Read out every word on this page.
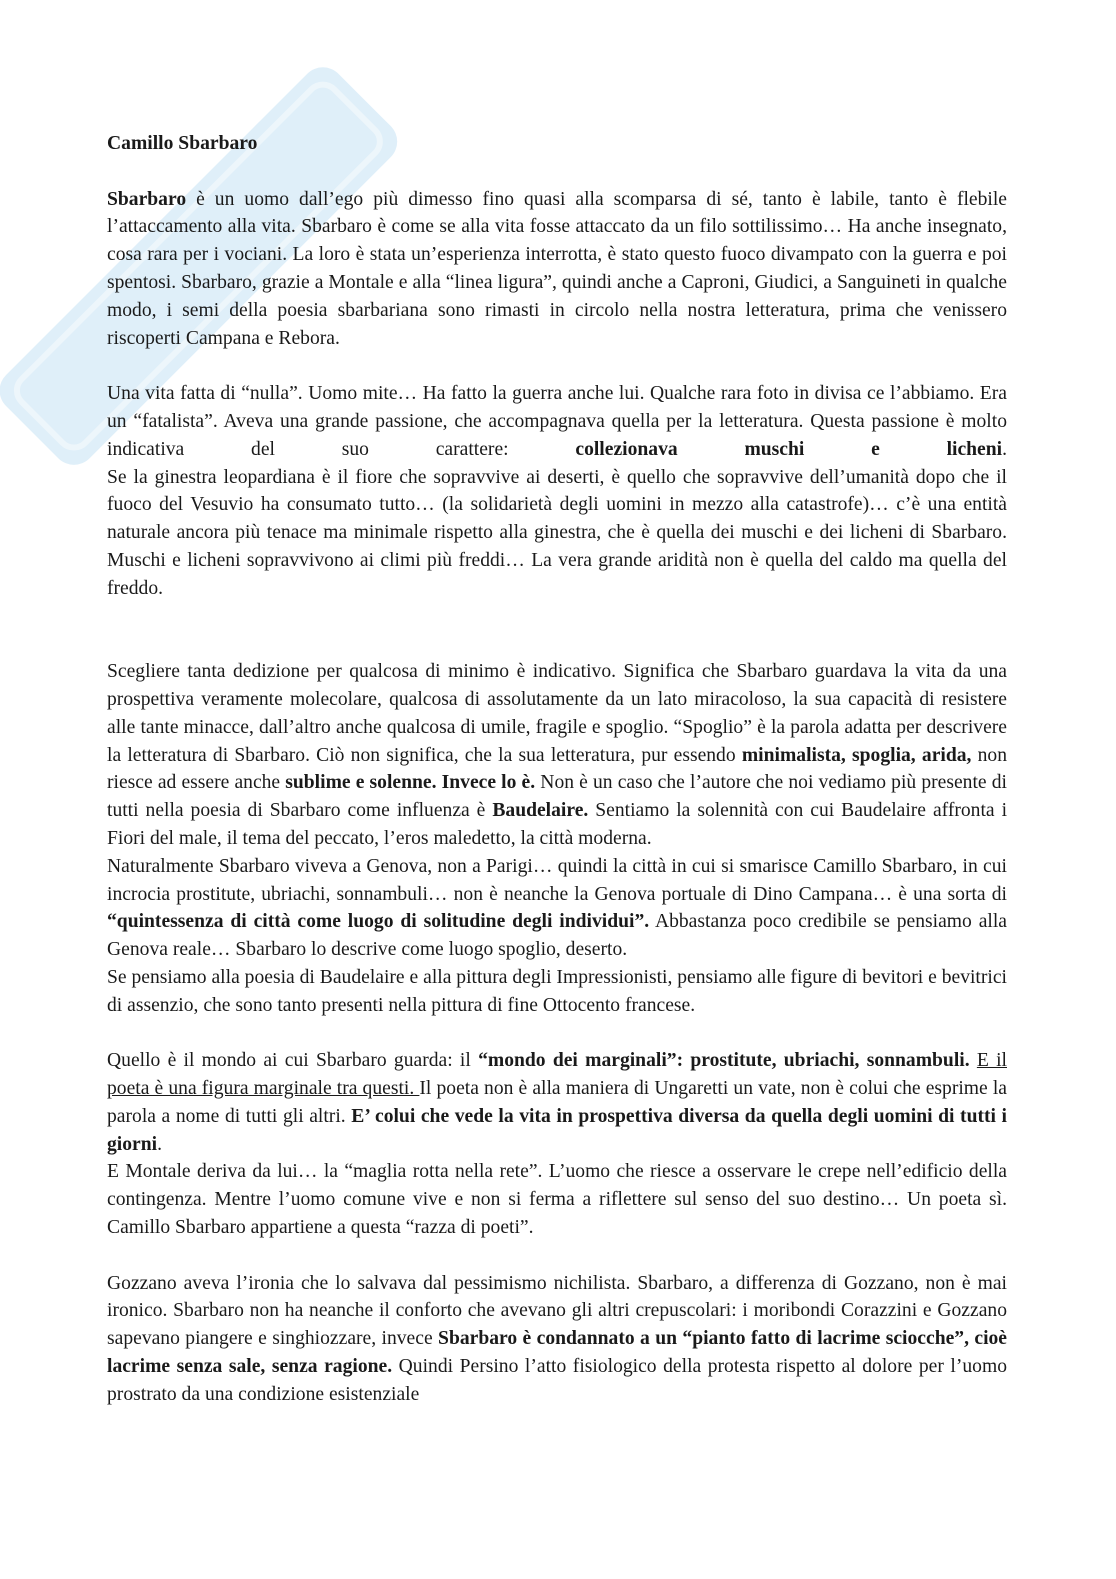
Camillo Sbarbaro

Sbarbaro è un uomo dall’ego più dimesso fino quasi alla scomparsa di sé, tanto è labile, tanto è flebile l’attaccamento alla vita. Sbarbaro è come se alla vita fosse attaccato da un filo sottilissimo… Ha anche insegnato, cosa rara per i vociani. La loro è stata un’esperienza interrotta, è stato questo fuoco divampato con la guerra e poi spentosi. Sbarbaro, grazie a Montale e alla “linea ligura”, quindi anche a Caproni, Giudici, a Sanguineti in qualche modo, i semi della poesia sbarbariana sono rimasti in circolo nella nostra letteratura, prima che venissero riscoperti Campana e Rebora.

Una vita fatta di “nulla”. Uomo mite… Ha fatto la guerra anche lui. Qualche rara foto in divisa ce l’abbiamo. Era un “fatalista”. Aveva una grande passione, che accompagnava quella per la letteratura. Questa passione è molto indicativa del suo carattere: collezionava muschi e licheni.

Se la ginestra leopardiana è il fiore che sopravvive ai deserti, è quello che sopravvive dell’umanità dopo che il fuoco del Vesuvio ha consumato tutto… (la solidarietà degli uomini in mezzo alla catastrofe)… c’è una entità naturale ancora più tenace ma minimale rispetto alla ginestra, che è quella dei muschi e dei licheni di Sbarbaro. Muschi e licheni sopravvivono ai climi più freddi… La vera grande aridità non è quella del caldo ma quella del freddo.

Scegliere tanta dedizione per qualcosa di minimo è indicativo. Significa che Sbarbaro guardava la vita da una prospettiva veramente molecolare, qualcosa di assolutamente da un lato miracoloso, la sua capacità di resistere alle tante minacce, dall’altro anche qualcosa di umile, fragile e spoglio. “Spoglio” è la parola adatta per descrivere la letteratura di Sbarbaro. Ciò non significa, che la sua letteratura, pur essendo minimalista, spoglia, arida, non riesce ad essere anche sublime e solenne. Invece lo è. Non è un caso che l’autore che noi vediamo più presente di tutti nella poesia di Sbarbaro come influenza è Baudelaire. Sentiamo la solennità con cui Baudelaire affronta i Fiori del male, il tema del peccato, l’eros maledetto, la città moderna.

Naturalmente Sbarbaro viveva a Genova, non a Parigi… quindi la città in cui si smarisce Camillo Sbarbaro, in cui incrocia prostitute, ubriachi, sonnambuli… non è neanche la Genova portuale di Dino Campana… è una sorta di “quintessenza di città come luogo di solitudine degli individui”. Abbastanza poco credibile se pensiamo alla Genova reale… Sbarbaro lo descrive come luogo spoglio, deserto.

Se pensiamo alla poesia di Baudelaire e alla pittura degli Impressionisti, pensiamo alle figure di bevitori e bevitrici di assenzio, che sono tanto presenti nella pittura di fine Ottocento francese.

Quello è il mondo ai cui Sbarbaro guarda: il “mondo dei marginali”: prostitute, ubriachi, sonnambuli. E il poeta è una figura marginale tra questi. Il poeta non è alla maniera di Ungaretti un vate, non è colui che esprime la parola a nome di tutti gli altri. E’ colui che vede la vita in prospettiva diversa da quella degli uomini di tutti i giorni.

E Montale deriva da lui… la “maglia rotta nella rete”. L’uomo che riesce a osservare le crepe nell’edificio della contingenza. Mentre l’uomo comune vive e non si ferma a riflettere sul senso del suo destino… Un poeta sì. Camillo Sbarbaro appartiene a questa “razza di poeti”.

Gozzano aveva l’ironia che lo salvava dal pessimismo nichilista. Sbarbaro, a differenza di Gozzano, non è mai ironico. Sbarbaro non ha neanche il conforto che avevano gli altri crepuscolari: i moribondi Corazzini e Gozzano sapevano piangere e singhiozzare, invece Sbarbaro è condannato a un “pianto fatto di lacrime sciocche”, cioè lacrime senza sale, senza ragione. Quindi Persino l’atto fisiologico della protesta rispetto al dolore per l’uomo prostrato da una condizione esistenziale
